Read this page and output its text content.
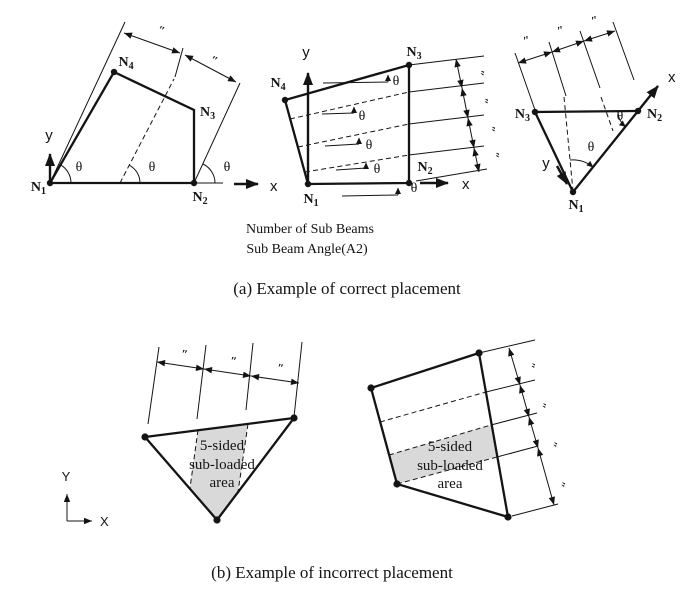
″
″
$N_1$	$N_2$
$N_3$
$N_4$
θ	θ	θ
y
x
″
″
″
″
$N_1$
$N_2$
$N_3$
$N_4$	θ
θ
θ
θ
θ
y
x
″
″
″
$N_3$	$N_2$
$N_1$
θ
θ
x
y
Number of Sub Beams
Sub Beam Angle(A2)
(a) Example of correct placement
″	″	″
5-sided
sub-loaded
area
″
″
″
″
5-sided
sub-loaded
area
Y
X
(b) Example of incorrect placement
